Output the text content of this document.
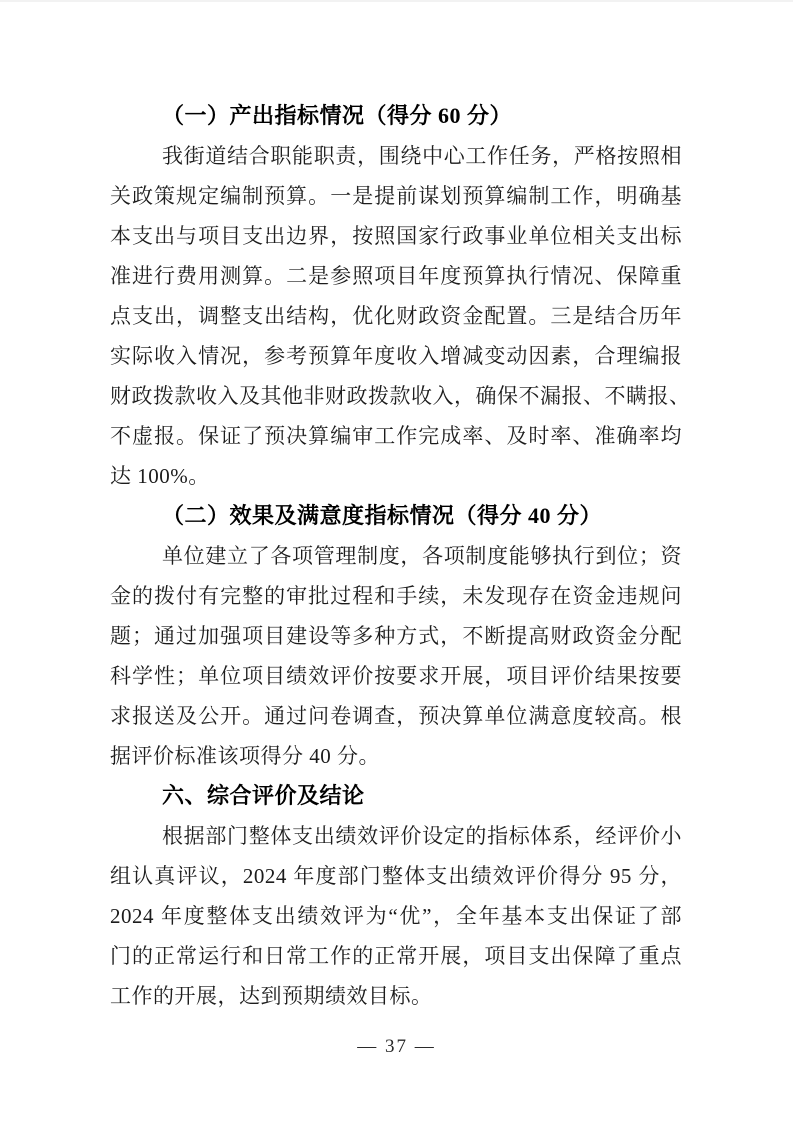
（一）产出指标情况（得分 60 分）
我街道结合职能职责，围绕中心工作任务，严格按照相
关政策规定编制预算。一是提前谋划预算编制工作，明确基
本支出与项目支出边界，按照国家行政事业单位相关支出标
准进行费用测算。二是参照项目年度预算执行情况、保障重
点支出，调整支出结构，优化财政资金配置。三是结合历年
实际收入情况，参考预算年度收入增减变动因素，合理编报
财政拨款收入及其他非财政拨款收入，确保不漏报、不瞒报、
不虚报。保证了预决算编审工作完成率、及时率、准确率均
达 100%。
（二）效果及满意度指标情况（得分 40 分）
单位建立了各项管理制度，各项制度能够执行到位；资
金的拨付有完整的审批过程和手续，未发现存在资金违规问
题；通过加强项目建设等多种方式，不断提高财政资金分配
科学性；单位项目绩效评价按要求开展，项目评价结果按要
求报送及公开。通过问卷调查，预决算单位满意度较高。根
据评价标准该项得分 40 分。
六、综合评价及结论
根据部门整体支出绩效评价设定的指标体系，经评价小
组认真评议，2024 年度部门整体支出绩效评价得分 95 分，
2024 年度整体支出绩效评为“优”，全年基本支出保证了部
门的正常运行和日常工作的正常开展，项目支出保障了重点
工作的开展，达到预期绩效目标。
— 37 —
